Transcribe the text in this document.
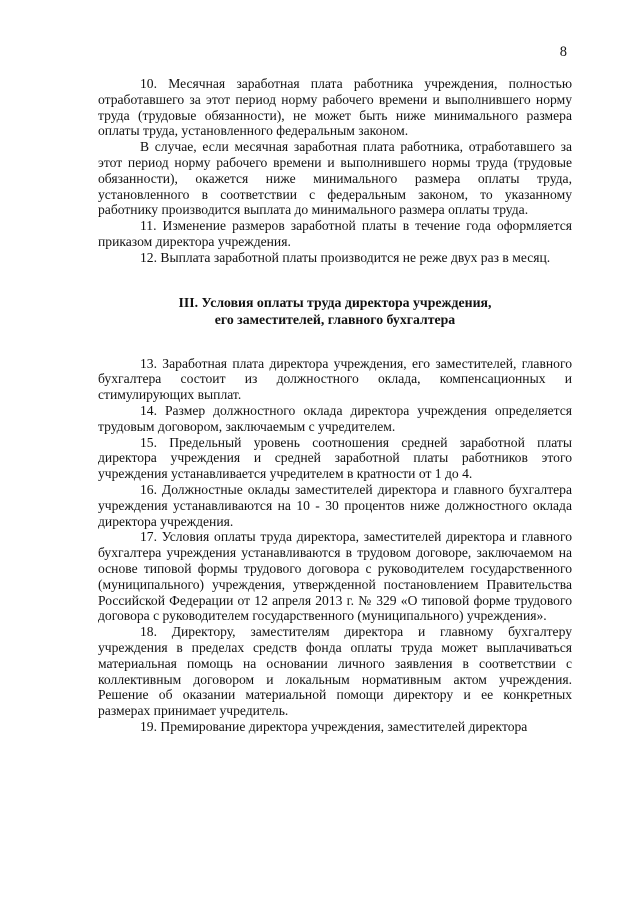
8

10. Месячная заработная плата работника учреждения, полностью отработавшего за этот период норму рабочего времени и выполнившего норму труда (трудовые обязанности), не может быть ниже минимального размера оплаты труда, установленного федеральным законом.

В случае, если месячная заработная плата работника, отработавшего за этот период норму рабочего времени и выполнившего нормы труда (трудовые обязанности), окажется ниже минимального размера оплаты труда, установленного в соответствии с федеральным законом, то указанному работнику производится выплата до минимального размера оплаты труда.

11. Изменение размеров заработной платы в течение года оформляется приказом директора учреждения.

12. Выплата заработной платы производится не реже двух раз в месяц.

III. Условия оплаты труда директора учреждения,
его заместителей, главного бухгалтера

13. Заработная плата директора учреждения, его заместителей, главного бухгалтера состоит из должностного оклада, компенсационных и стимулирующих выплат.

14. Размер должностного оклада директора учреждения определяется трудовым договором, заключаемым с учредителем.

15. Предельный уровень соотношения средней заработной платы директора учреждения и средней заработной платы работников этого учреждения устанавливается учредителем в кратности от 1 до 4.

16. Должностные оклады заместителей директора и главного бухгалтера учреждения устанавливаются на 10 - 30 процентов ниже должностного оклада директора учреждения.

17. Условия оплаты труда директора, заместителей директора и главного бухгалтера учреждения устанавливаются в трудовом договоре, заключаемом на основе типовой формы трудового договора с руководителем государственного (муниципального) учреждения, утвержденной постановлением Правительства Российской Федерации от 12 апреля 2013 г. № 329 «О типовой форме трудового договора с руководителем государственного (муниципального) учреждения».

18. Директору, заместителям директора и главному бухгалтеру учреждения в пределах средств фонда оплаты труда может выплачиваться материальная помощь на основании личного заявления в соответствии с коллективным договором и локальным нормативным актом учреждения. Решение об оказании материальной помощи директору и ее конкретных размерах принимает учредитель.

19. Премирование директора учреждения, заместителей директора
